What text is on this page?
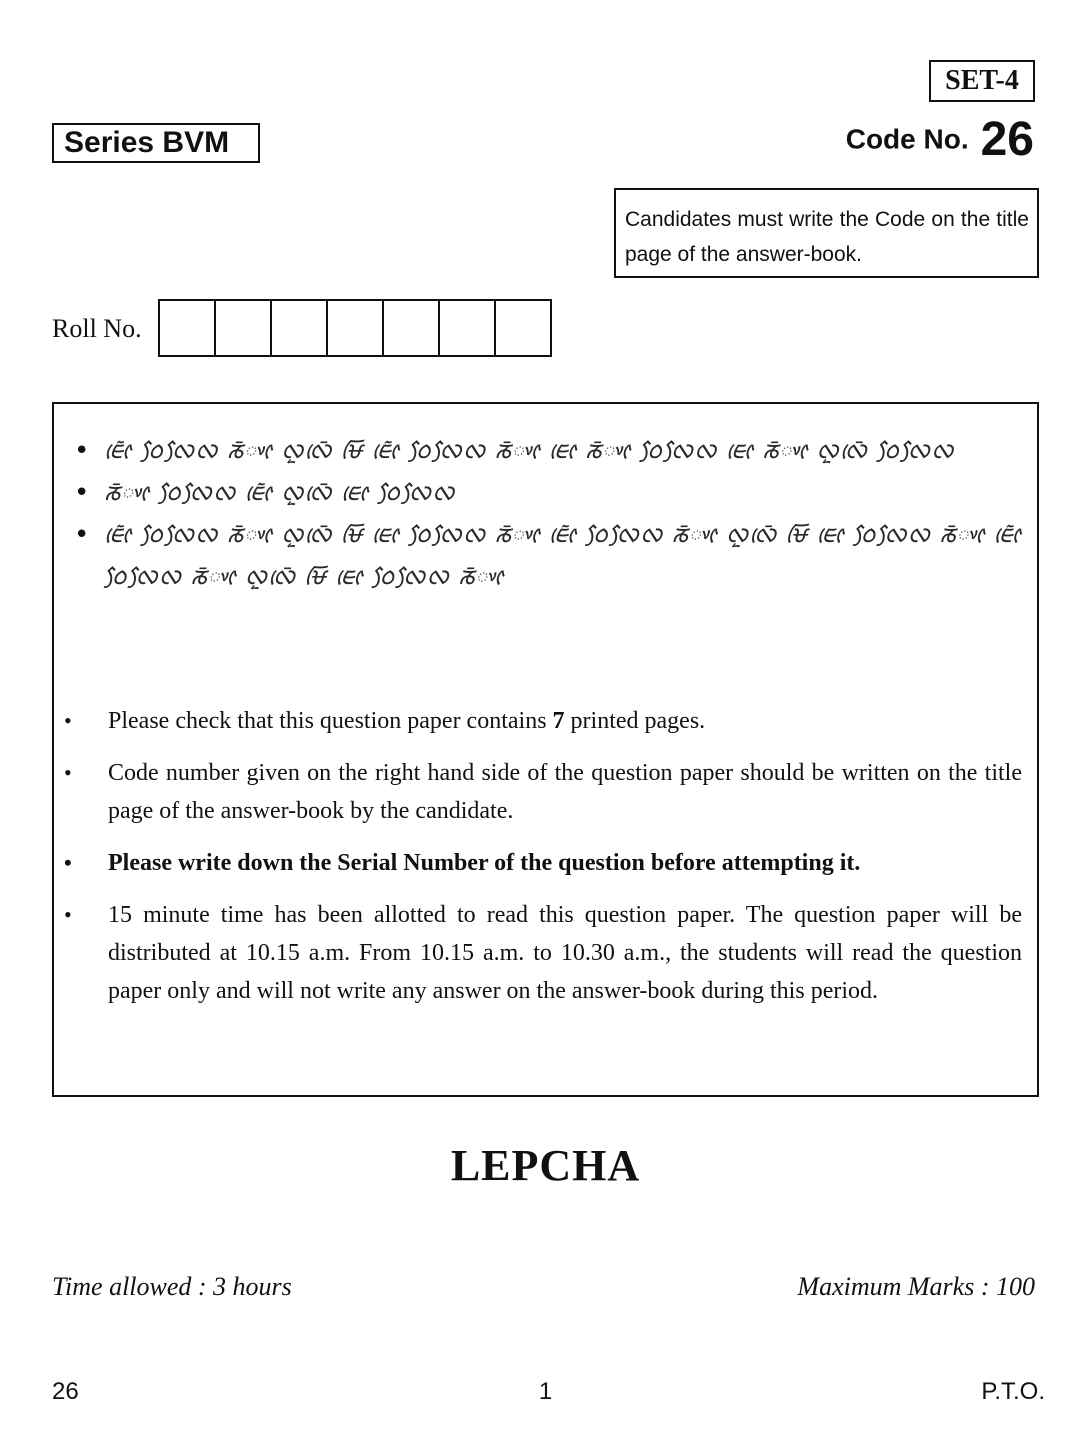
SET-4
Series BVM	Code No. 26
Candidates must write the Code on the title page of the answer-book.
Roll No.
• ᰀᰨᰦᰶ ᰓᰧᰜᰧᰜ ᰕᰳᰤᰦ ᰜᰬᰜᰨᰳ ᰝᰩ ᰀᰨᰦᰶ ᰓᰧᰜᰧᰜ ᰕᰳᰤᰦ ᰀᰨᰦ ᰕᰳᰤᰦ ᰓᰧᰜᰧᰜ ᰀᰨᰦ ᰕᰳᰤᰦ ᰜᰬᰜᰨᰳ ᰓᰧᰜᰧᰜ
• ᰕᰳᰤᰦ ᰓᰧᰜᰧᰜ ᰀᰨᰦᰶ ᰜᰬᰜᰨᰳ ᰀᰨᰦ ᰓᰧᰜᰧᰜ
• ᰀᰨᰦᰶ ᰓᰧᰜᰧᰜ ᰕᰳᰤᰦ ᰜᰬᰜᰨᰳ ᰝᰩ ᰀᰨᰦ ᰓᰧᰜᰧᰜ ᰕᰳᰤᰦ ᰀᰨᰦᰶ ᰓᰧᰜᰧᰜ ᰕᰳᰤᰦ ᰜᰬᰜᰨᰳ ᰝᰩ ᰀᰨᰦ ᰓᰧᰜᰧᰜ ᰕᰳᰤᰦ ᰀᰨᰦᰶ ᰓᰧᰜᰧᰜ ᰕᰳᰤᰦ ᰜᰬᰜᰨᰳ ᰝᰩ ᰀᰨᰦ ᰓᰧᰜᰧᰜ ᰕᰳᰤᰦ
• Please check that this question paper contains 7 printed pages.
• Code number given on the right hand side of the question paper should be written on the title page of the answer-book by the candidate.
• Please write down the Serial Number of the question before attempting it.
• 15 minute time has been allotted to read this question paper. The question paper will be distributed at 10.15 a.m. From 10.15 a.m. to 10.30 a.m., the students will read the question paper only and will not write any answer on the answer-book during this period.
LEPCHA
Time allowed : 3 hours	Maximum Marks : 100
26	1	P.T.O.
